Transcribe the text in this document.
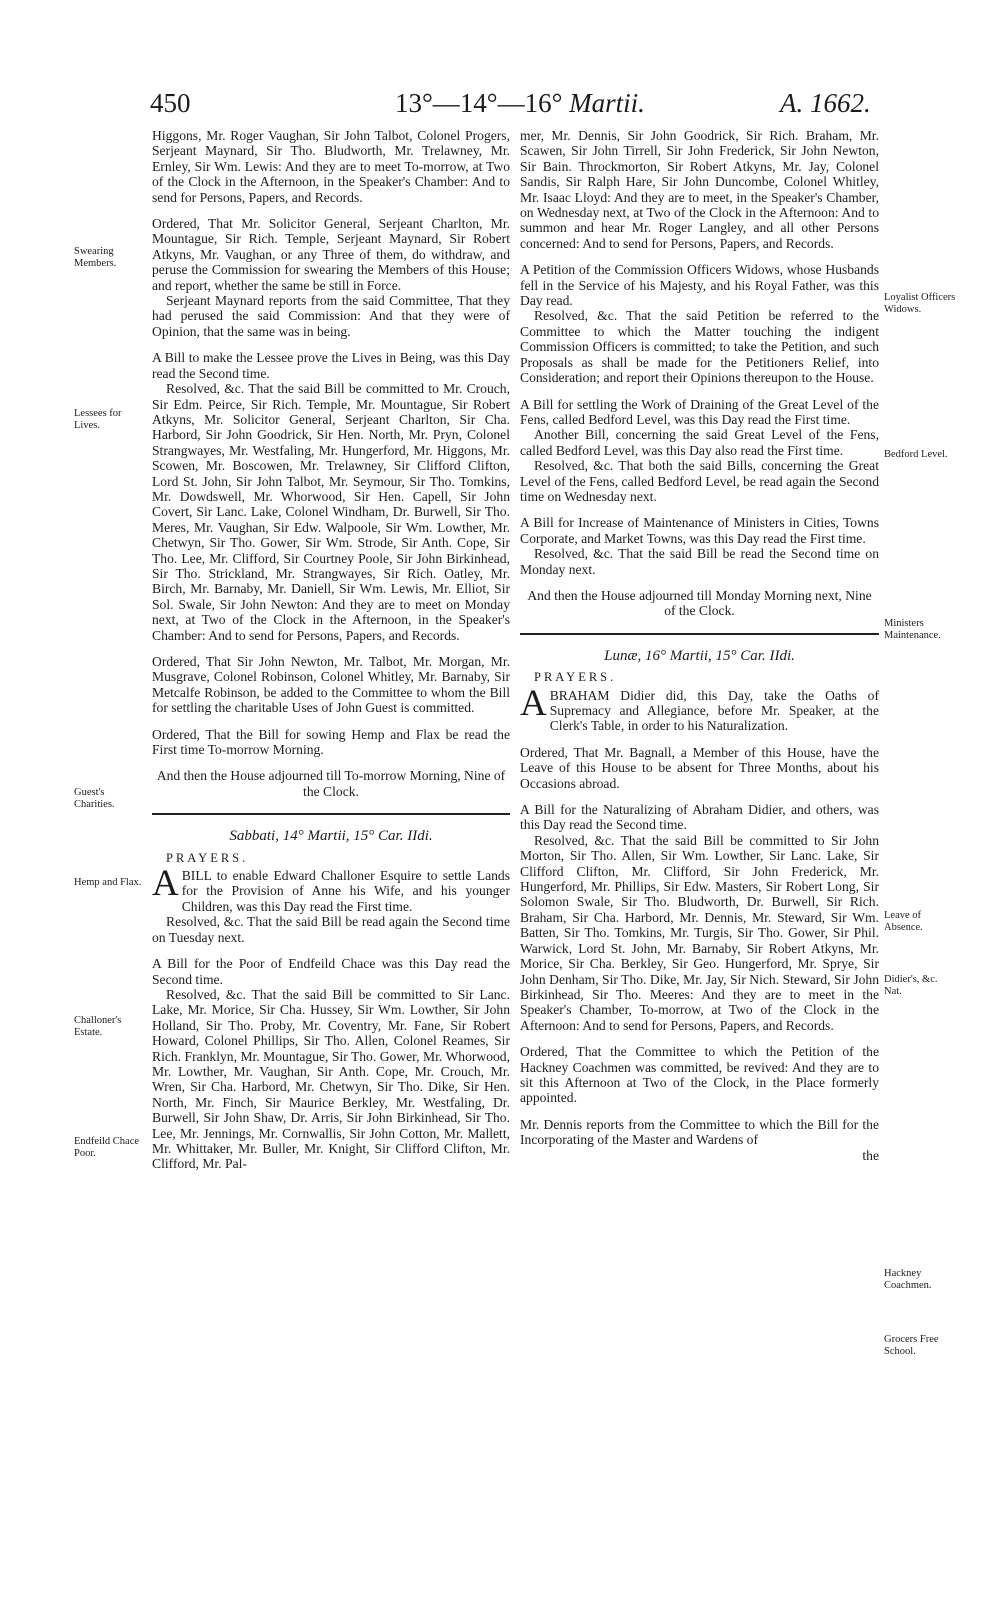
450	13°—14°—16° Martii.	A. 1662.
Swearing Members.
Lessees for Lives.
Guest's Charities.
Hemp and Flax.
Challoner's Estate.
Endfeild Chace Poor.
Loyalist Officers Widows.
Bedford Level.
Ministers Maintenance.
Leave of Absence.
Didier's, &c. Nat.
Hackney Coachmen.
Grocers Free School.

Higgons, Mr. Roger Vaughan, Sir John Talbot, Colonel Progers, Serjeant Maynard, Sir Tho. Bludworth, Mr. Trelawney, Mr. Ernley, Sir Wm. Lewis: And they are to meet To-morrow, at Two of the Clock in the Afternoon, in the Speaker's Chamber: And to send for Persons, Papers, and Records.

Ordered, That Mr. Solicitor General, Serjeant Charlton, Mr. Mountague, Sir Rich. Temple, Serjeant Maynard, Sir Robert Atkyns, Mr. Vaughan, or any Three of them, do withdraw, and peruse the Commission for swearing the Members of this House; and report, whether the same be still in Force.

Serjeant Maynard reports from the said Committee, That they had perused the said Commission: And that they were of Opinion, that the same was in being.

A Bill to make the Lessee prove the Lives in Being, was this Day read the Second time.

Resolved, &c. That the said Bill be committed to Mr. Crouch, Sir Edm. Peirce, Sir Rich. Temple, Mr. Mountague, Sir Robert Atkyns, Mr. Solicitor General, Serjeant Charlton, Sir Cha. Harbord, Sir John Goodrick, Sir Hen. North, Mr. Pryn, Colonel Strangwayes, Mr. Westfaling, Mr. Hungerford, Mr. Higgons, Mr. Scowen, Mr. Boscowen, Mr. Trelawney, Sir Clifford Clifton, Lord St. John, Sir John Talbot, Mr. Seymour, Sir Tho. Tomkins, Mr. Dowdswell, Mr. Whorwood, Sir Hen. Capell, Sir John Covert, Sir Lanc. Lake, Colonel Windham, Dr. Burwell, Sir Tho. Meres, Mr. Vaughan, Sir Edw. Walpoole, Sir Wm. Lowther, Mr. Chetwyn, Sir Tho. Gower, Sir Wm. Strode, Sir Anth. Cope, Sir Tho. Lee, Mr. Clifford, Sir Courtney Poole, Sir John Birkinhead, Sir Tho. Strickland, Mr. Strangwayes, Sir Rich. Oatley, Mr. Birch, Mr. Barnaby, Mr. Daniell, Sir Wm. Lewis, Mr. Elliot, Sir Sol. Swale, Sir John Newton: And they are to meet on Monday next, at Two of the Clock in the Afternoon, in the Speaker's Chamber: And to send for Persons, Papers, and Records.

Ordered, That Sir John Newton, Mr. Talbot, Mr. Morgan, Mr. Musgrave, Colonel Robinson, Colonel Whitley, Mr. Barnaby, Sir Metcalfe Robinson, be added to the Committee to whom the Bill for settling the charitable Uses of John Guest is committed.

Ordered, That the Bill for sowing Hemp and Flax be read the First time To-morrow Morning.

And then the House adjourned till To-morrow Morning, Nine of the Clock.
Sabbati, 14° Martii, 15° Car. IIdi.
PRAYERS.

ABILL to enable Edward Challoner Esquire to settle Lands for the Provision of Anne his Wife, and his younger Children, was this Day read the First time.

Resolved, &c. That the said Bill be read again the Second time on Tuesday next.

A Bill for the Poor of Endfeild Chace was this Day read the Second time.

Resolved, &c. That the said Bill be committed to Sir Lanc. Lake, Mr. Morice, Sir Cha. Hussey, Sir Wm. Lowther, Sir John Holland, Sir Tho. Proby, Mr. Coventry, Mr. Fane, Sir Robert Howard, Colonel Phillips, Sir Tho. Allen, Colonel Reames, Sir Rich. Franklyn, Mr. Mountague, Sir Tho. Gower, Mr. Whorwood, Mr. Lowther, Mr. Vaughan, Sir Anth. Cope, Mr. Crouch, Mr. Wren, Sir Cha. Harbord, Mr. Chetwyn, Sir Tho. Dike, Sir Hen. North, Mr. Finch, Sir Maurice Berkley, Mr. Westfaling, Dr. Burwell, Sir John Shaw, Dr. Arris, Sir John Birkinhead, Sir Tho. Lee, Mr. Jennings, Mr. Cornwallis, Sir John Cotton, Mr. Mallett, Mr. Whittaker, Mr. Buller, Mr. Knight, Sir Clifford Clifton, Mr. Clifford, Mr. Pal-

mer, Mr. Dennis, Sir John Goodrick, Sir Rich. Braham, Mr. Scawen, Sir John Tirrell, Sir John Frederick, Sir John Newton, Sir Bain. Throckmorton, Sir Robert Atkyns, Mr. Jay, Colonel Sandis, Sir Ralph Hare, Sir John Duncombe, Colonel Whitley, Mr. Isaac Lloyd: And they are to meet, in the Speaker's Chamber, on Wednesday next, at Two of the Clock in the Afternoon: And to summon and hear Mr. Roger Langley, and all other Persons concerned: And to send for Persons, Papers, and Records.

A Petition of the Commission Officers Widows, whose Husbands fell in the Service of his Majesty, and his Royal Father, was this Day read.

Resolved, &c. That the said Petition be referred to the Committee to which the Matter touching the indigent Commission Officers is committed; to take the Petition, and such Proposals as shall be made for the Petitioners Relief, into Consideration; and report their Opinions thereupon to the House.

A Bill for settling the Work of Draining of the Great Level of the Fens, called Bedford Level, was this Day read the First time.

Another Bill, concerning the said Great Level of the Fens, called Bedford Level, was this Day also read the First time.

Resolved, &c. That both the said Bills, concerning the Great Level of the Fens, called Bedford Level, be read again the Second time on Wednesday next.

A Bill for Increase of Maintenance of Ministers in Cities, Towns Corporate, and Market Towns, was this Day read the First time.

Resolved, &c. That the said Bill be read the Second time on Monday next.

And then the House adjourned till Monday Morning next, Nine of the Clock.
Lunæ, 16° Martii, 15° Car. IIdi.
PRAYERS.

ABRAHAM Didier did, this Day, take the Oaths of Supremacy and Allegiance, before Mr. Speaker, at the Clerk's Table, in order to his Naturalization.

Ordered, That Mr. Bagnall, a Member of this House, have the Leave of this House to be absent for Three Months, about his Occasions abroad.

A Bill for the Naturalizing of Abraham Didier, and others, was this Day read the Second time.

Resolved, &c. That the said Bill be committed to Sir John Morton, Sir Tho. Allen, Sir Wm. Lowther, Sir Lanc. Lake, Sir Clifford Clifton, Mr. Clifford, Sir John Frederick, Mr. Hungerford, Mr. Phillips, Sir Edw. Masters, Sir Robert Long, Sir Solomon Swale, Sir Tho. Bludworth, Dr. Burwell, Sir Rich. Braham, Sir Cha. Harbord, Mr. Dennis, Mr. Steward, Sir Wm. Batten, Sir Tho. Tomkins, Mr. Turgis, Sir Tho. Gower, Sir Phil. Warwick, Lord St. John, Mr. Barnaby, Sir Robert Atkyns, Mr. Morice, Sir Cha. Berkley, Sir Geo. Hungerford, Mr. Sprye, Sir John Denham, Sir Tho. Dike, Mr. Jay, Sir Nich. Steward, Sir John Birkinhead, Sir Tho. Meeres: And they are to meet in the Speaker's Chamber, To-morrow, at Two of the Clock in the Afternoon: And to send for Persons, Papers, and Records.

Ordered, That the Committee to which the Petition of the Hackney Coachmen was committed, be revived: And they are to sit this Afternoon at Two of the Clock, in the Place formerly appointed.

Mr. Dennis reports from the Committee to which the Bill for the Incorporating of the Master and Wardens of

the
